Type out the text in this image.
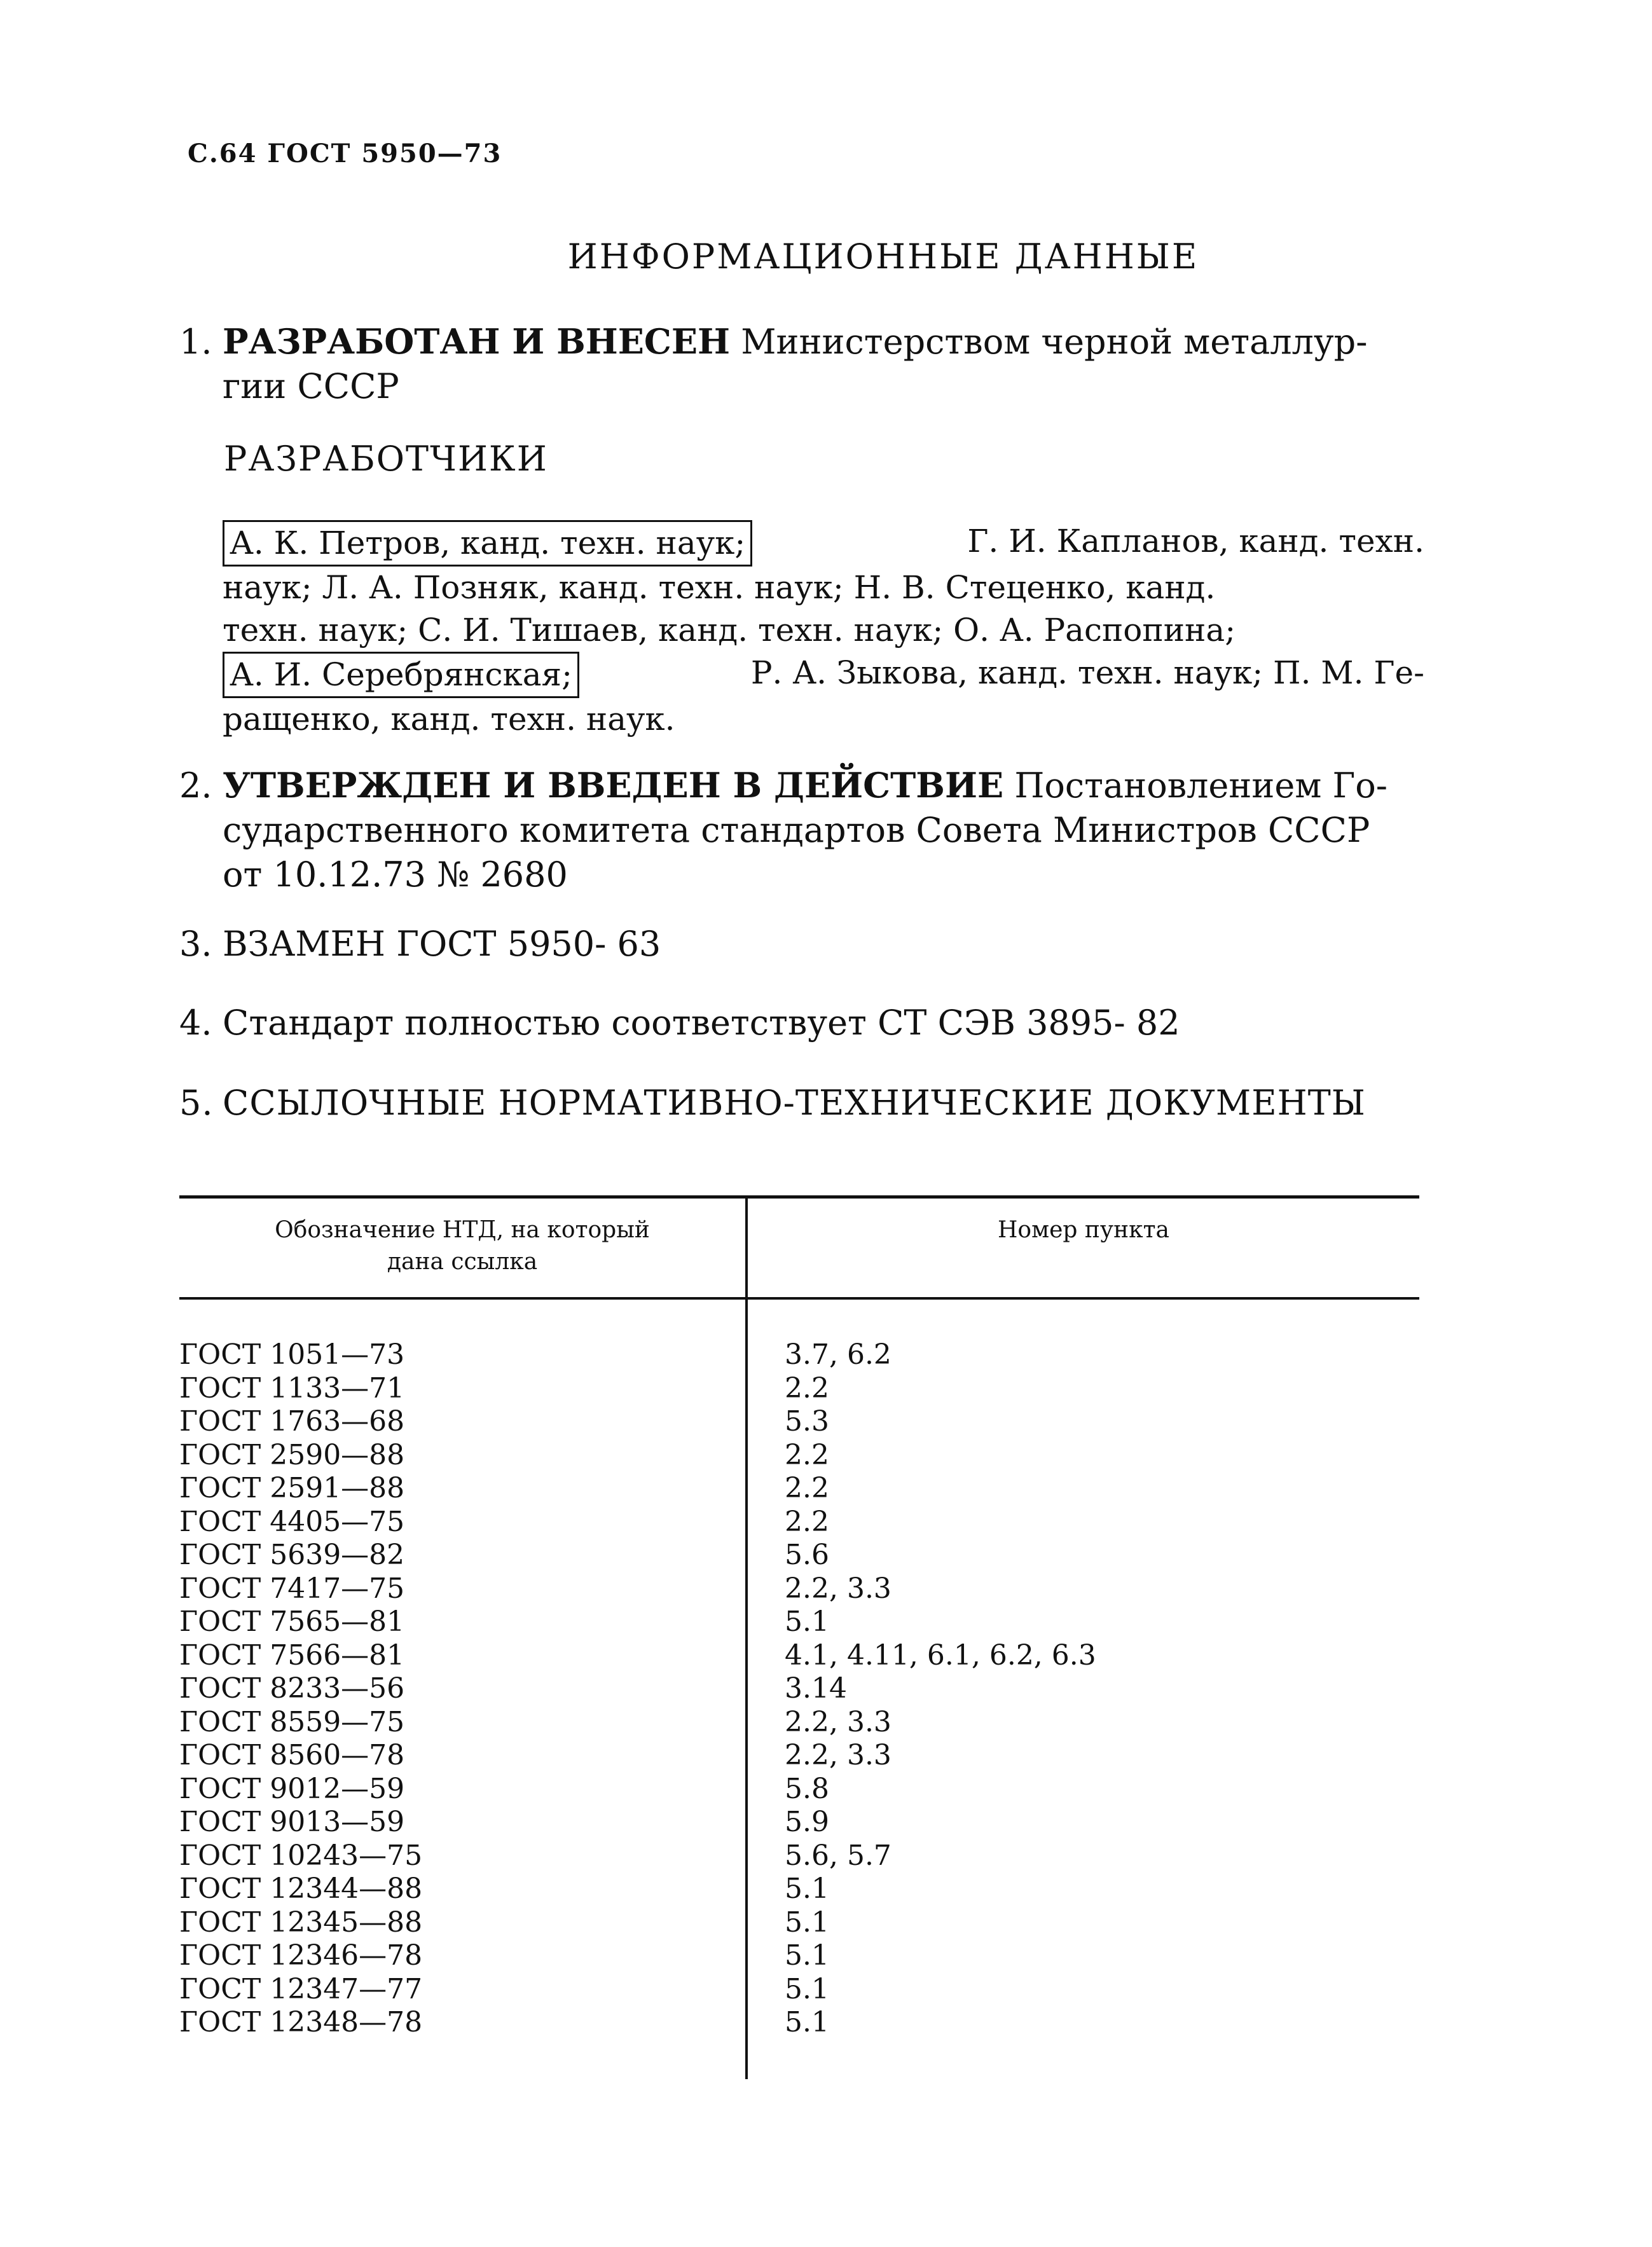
С.64 ГОСТ 5950—73
ИНФОРМАЦИОННЫЕ ДАННЫЕ
1. РАЗРАБОТАН И ВНЕСЕН Министерством черной металлур-
гии СССР
РАЗРАБОТЧИКИ
А. К. Петров, канд. техн. наук;	Г. И. Капланов, канд. техн.
наук; Л. А. Позняк, канд. техн. наук; Н. В. Стеценко, канд.
техн. наук; С. И. Тишаев, канд. техн. наук; О. А. Распопина;
А. И. Серебрянская;	Р. А. Зыкова, канд. техн. наук; П. М. Ге-
ращенко, канд. техн. наук.
2. УТВЕРЖДЕН И ВВЕДЕН В ДЕЙСТВИЕ Постановлением Го-
сударственного комитета стандартов Совета Министров СССР
от 10.12.73 № 2680
3. ВЗАМЕН ГОСТ 5950- 63
4. Стандарт полностью соответствует СТ СЭВ 3895- 82
5. ССЫЛОЧНЫЕ НОРМАТИВНО-ТЕХНИЧЕСКИЕ ДОКУМЕНТЫ
Обозначение НТД, на который
дана ссылка
Номер пункта
ГОСТ 1051—73	3.7, 6.2
ГОСТ 1133—71	2.2
ГОСТ 1763—68	5.3
ГОСТ 2590—88	2.2
ГОСТ 2591—88	2.2
ГОСТ 4405—75	2.2
ГОСТ 5639—82	5.6
ГОСТ 7417—75	2.2, 3.3
ГОСТ 7565—81	5.1
ГОСТ 7566—81	4.1, 4.11, 6.1, 6.2, 6.3
ГОСТ 8233—56	3.14
ГОСТ 8559—75	2.2, 3.3
ГОСТ 8560—78	2.2, 3.3
ГОСТ 9012—59	5.8
ГОСТ 9013—59	5.9
ГОСТ 10243—75	5.6, 5.7
ГОСТ 12344—88	5.1
ГОСТ 12345—88	5.1
ГОСТ 12346—78	5.1
ГОСТ 12347—77	5.1
ГОСТ 12348—78	5.1
